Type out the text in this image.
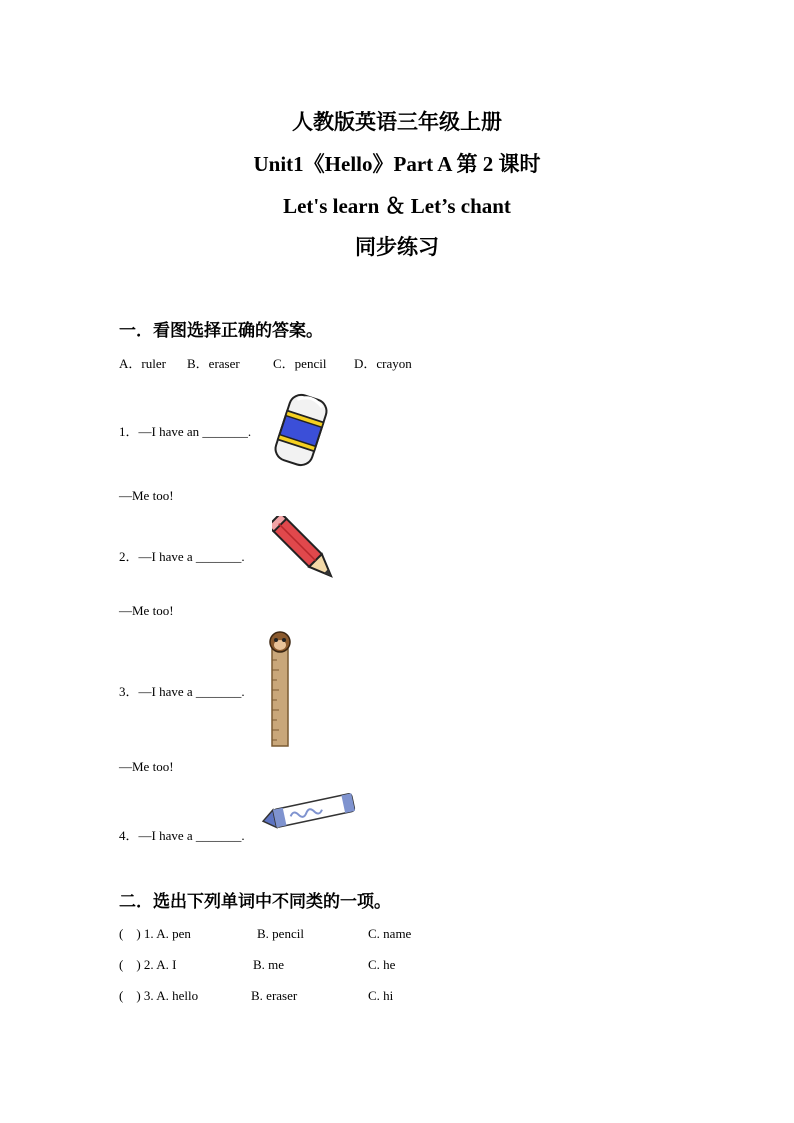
人教版英语三年级上册
Unit1《Hello》Part A 第 2 课时
Let's learn ＆ Let’s chant
同步练习
一．看图选择正确的答案。
A．ruler B．eraser	C．pencil D．crayon
1．—I have an _______.
—Me too!
2．—I have a _______.
—Me too!
3．—I have a _______.
—Me too!
4．—I have a _______.
二．选出下列单词中不同类的一项。
(    ) 1. A. pen	B. pencil	C. name
(    ) 2. A. I	B. me	C. he
(    ) 3. A. hello	B. eraser	C. hi
